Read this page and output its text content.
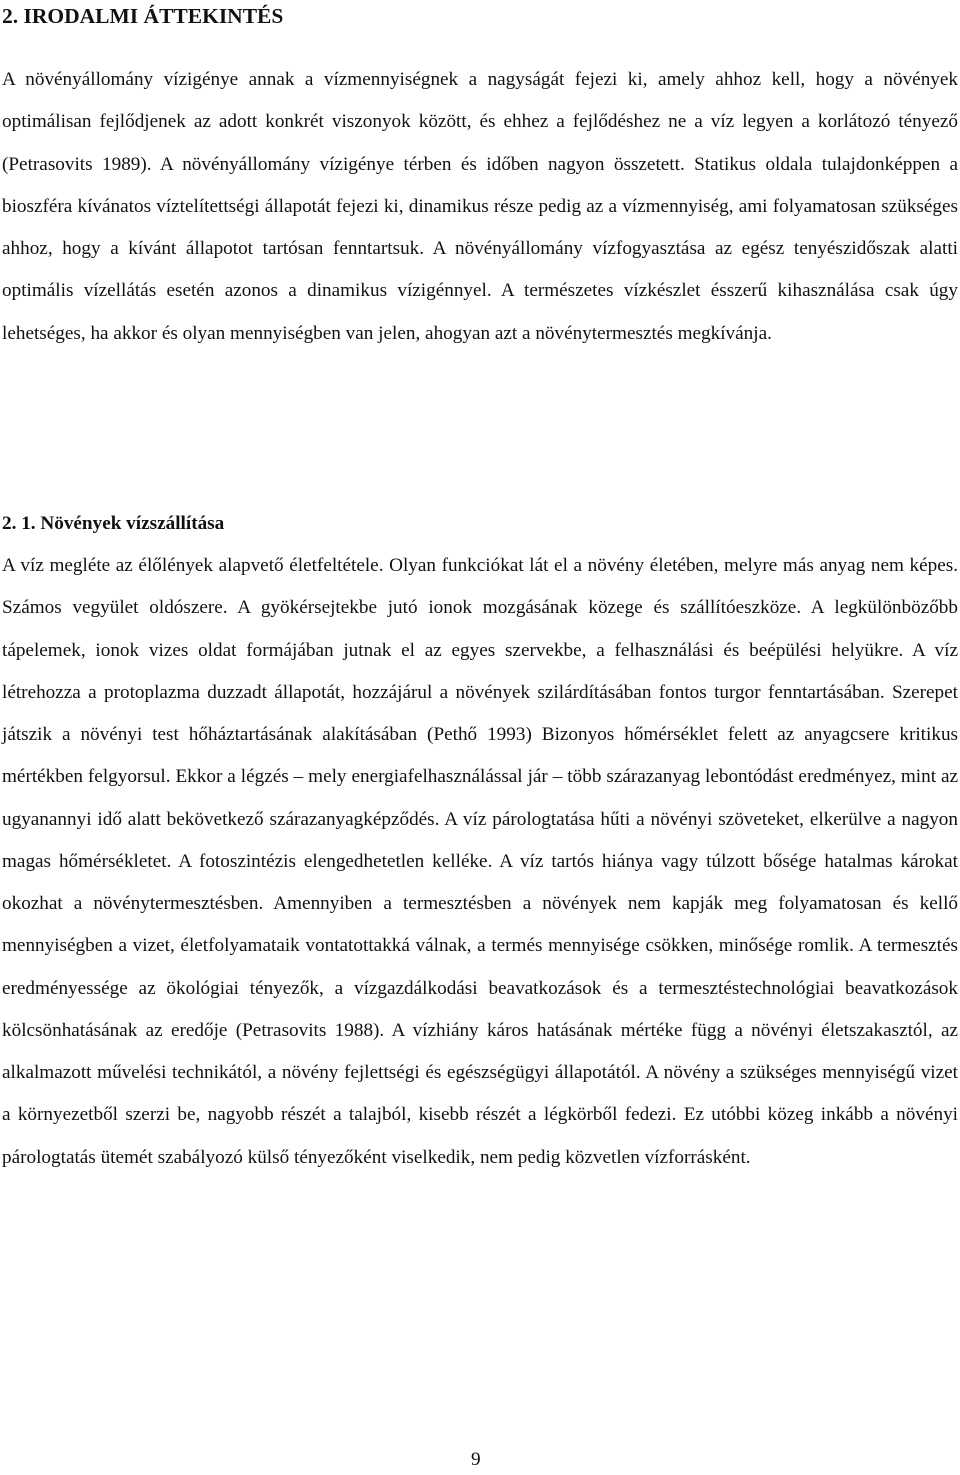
2. IRODALMI ÁTTEKINTÉS

A növényállomány vízigénye annak a vízmennyiségnek a nagyságát fejezi ki, amely ahhoz kell, hogy a növények optimálisan fejlődjenek az adott konkrét viszonyok között, és ehhez a fejlődéshez ne a víz legyen a korlátozó tényező (Petrasovits 1989). A növényállomány vízigénye térben és időben nagyon összetett. Statikus oldala tulajdonképpen a bioszféra kívánatos víztelítettségi állapotát fejezi ki, dinamikus része pedig az a vízmennyiség, ami folyamatosan szükséges ahhoz, hogy a kívánt állapotot tartósan fenntartsuk. A növényállomány vízfogyasztása az egész tenyészidőszak alatti optimális vízellátás esetén azonos a dinamikus vízigénnyel. A természetes vízkészlet ésszerű kihasználása csak úgy lehetséges, ha akkor és olyan mennyiségben van jelen, ahogyan azt a növénytermesztés megkívánja.

2. 1. Növények vízszállítása

A víz megléte az élőlények alapvető életfeltétele. Olyan funkciókat lát el a növény életében, melyre más anyag nem képes. Számos vegyület oldószere. A gyökérsejtekbe jutó ionok mozgásának közege és szállítóeszköze. A legkülönbözőbb tápelemek, ionok vizes oldat formájában jutnak el az egyes szervekbe, a felhasználási és beépülési helyükre. A víz létrehozza a protoplazma duzzadt állapotát, hozzájárul a növények szilárdításában fontos turgor fenntartásában. Szerepet játszik a növényi test hőháztartásának alakításában (Pethő 1993) Bizonyos hőmérséklet felett az anyagcsere kritikus mértékben felgyorsul. Ekkor a légzés – mely energiafelhasználással jár – több szárazanyag lebontódást eredményez, mint az ugyanannyi idő alatt bekövetkező szárazanyagképződés. A víz párologtatása hűti a növényi szöveteket, elkerülve a nagyon magas hőmérsékletet. A fotoszintézis elengedhetetlen kelléke. A víz tartós hiánya vagy túlzott bősége hatalmas károkat okozhat a növénytermesztésben. Amennyiben a termesztésben a növények nem kapják meg folyamatosan és kellő mennyiségben a vizet, életfolyamataik vontatottakká válnak, a termés mennyisége csökken, minősége romlik. A termesztés eredményessége az ökológiai tényezők, a vízgazdálkodási beavatkozások és a termesztéstechnológiai beavatkozások kölcsönhatásának az eredője (Petrasovits 1988). A vízhiány káros hatásának mértéke függ a növényi életszakasztól, az alkalmazott művelési technikától, a növény fejlettségi és egészségügyi állapotától. A növény a szükséges mennyiségű vizet a környezetből szerzi be, nagyobb részét a talajból, kisebb részét a légkörből fedezi. Ez utóbbi közeg inkább a növényi párologtatás ütemét szabályozó külső tényezőként viselkedik, nem pedig közvetlen vízforrásként.

9
